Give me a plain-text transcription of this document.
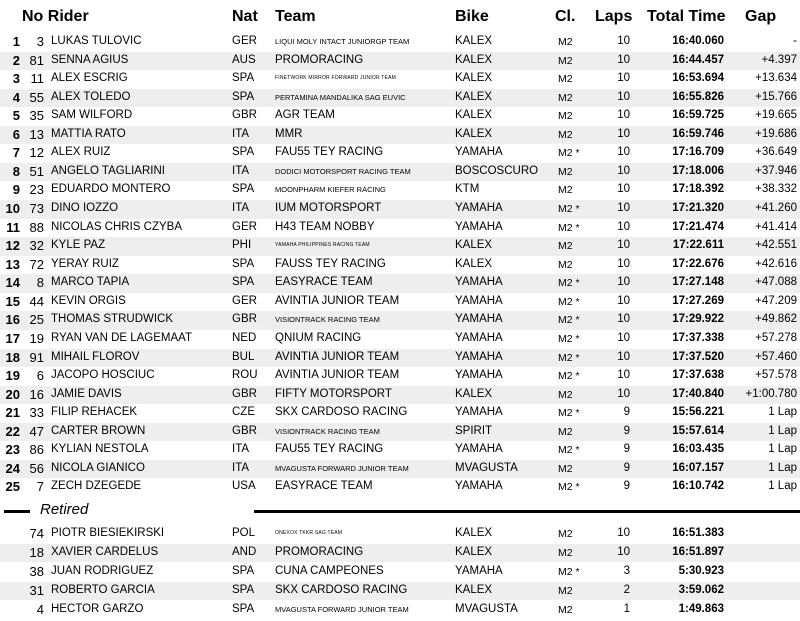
No Rider	Nat Team	Bike	Cl. Laps Total Time Gap
1	3 LUKAS TULOVIC	GER LIQUI MOLY INTACT JUNIORGP TEAM	KALEX	M2	10	16:40.060	-
2 81 SENNA AGIUS	AUS PROMORACING	KALEX	M2	10	16:44.457	+4.397
3 11 ALEX ESCRIG	SPA	FINETWORK MIRROR FORWARD JUNIOR TEAM	KALEX	M2	10	16:53.694	+13.634
4 55 ALEX TOLEDO	SPA	PERTAMINA MANDALIKA SAG EUVIC	KALEX	M2	10	16:55.826	+15.766
5 35 SAM WILFORD	GBR AGR TEAM	KALEX	M2	10	16:59.725	+19.665
6 13 MATTIA RATO	ITA MMR	KALEX	M2	10	16:59.746	+19.686
7 12 ALEX RUIZ	SPA FAU55 TEY RACING	YAMAHA	M2 *	10	17:16.709	+36.649
8 51 ANGELO TAGLIARINI	ITA	DODICI MOTORSPORT RACING TEAM	BOSCOSCURO M2	10	17:18.006	+37.946
9 23 EDUARDO MONTERO	SPA	MOONPHARM KIEFER RACING	KTM	M2	10	17:18.392	+38.332
10 73 DINO IOZZO	ITA IUM MOTORSPORT	YAMAHA	M2 *	10	17:21.320	+41.260
11 88 NICOLAS CHRIS CZYBA	GER H43 TEAM NOBBY	YAMAHA	M2 *	10	17:21.474	+41.414
12 32 KYLE PAZ	PHI	YAMAHA PHILIPPINES RACING TEAM	KALEX	M2	10	17:22.611	+42.551
13 72 YERAY RUIZ	SPA FAUSS TEY RACING	KALEX	M2	10	17:22.676	+42.616
14	8 MARCO TAPIA	SPA EASYRACE TEAM	YAMAHA	M2 *	10	17:27.148	+47.088
15 44 KEVIN ORGIS	GER AVINTIA JUNIOR TEAM	YAMAHA	M2 *	10	17:27.269	+47.209
16 25 THOMAS STRUDWICK	GBR VISIONTRACK RACING TEAM	YAMAHA	M2 *	10	17:29.922	+49.862
17 19 RYAN VAN DE LAGEMAAT	NED QNIUM RACING	YAMAHA	M2 *	10	17:37.338	+57.278
18 91 MIHAIL FLOROV	BUL AVINTIA JUNIOR TEAM	YAMAHA	M2 *	10	17:37.520	+57.460
19	6 JACOPO HOSCIUC	ROU AVINTIA JUNIOR TEAM	YAMAHA	M2 *	10	17:37.638	+57.578
20 16 JAMIE DAVIS	GBR FIFTY MOTORSPORT	KALEX	M2	10	17:40.840	+1:00.780
21 33 FILIP REHACEK	CZE SKX CARDOSO RACING	YAMAHA	M2 *	9	15:56.221	1 Lap
22 47 CARTER BROWN	GBR VISIONTRACK RACING TEAM	SPIRIT	M2	9	15:57.614	1 Lap
23 86 KYLIAN NESTOLA	ITA FAU55 TEY RACING	YAMAHA	M2 *	9	16:03.435	1 Lap
24 56 NICOLA GIANICO	ITA	MVAGUSTA FORWARD JUNIOR TEAM	MVAGUSTA	M2	9	16:07.157	1 Lap
25	7 ZECH DZEGEDE	USA EASYRACE TEAM	YAMAHA	M2 *	9	16:10.742	1 Lap
Retired
74 PIOTR BIESIEKIRSKI	POL	ONEXOX TKKR SAG TEAM	KALEX	M2	10	16:51.383
18 XAVIER CARDELUS	AND PROMORACING	KALEX	M2	10	16:51.897
38 JUAN RODRIGUEZ	SPA CUNA CAMPEONES	YAMAHA	M2 *	3	5:30.923
31 ROBERTO GARCIA	SPA SKX CARDOSO RACING	KALEX	M2	2	3:59.062
4 HECTOR GARZO	SPA	MVAGUSTA FORWARD JUNIOR TEAM	MVAGUSTA	M2	1	1:49.863
